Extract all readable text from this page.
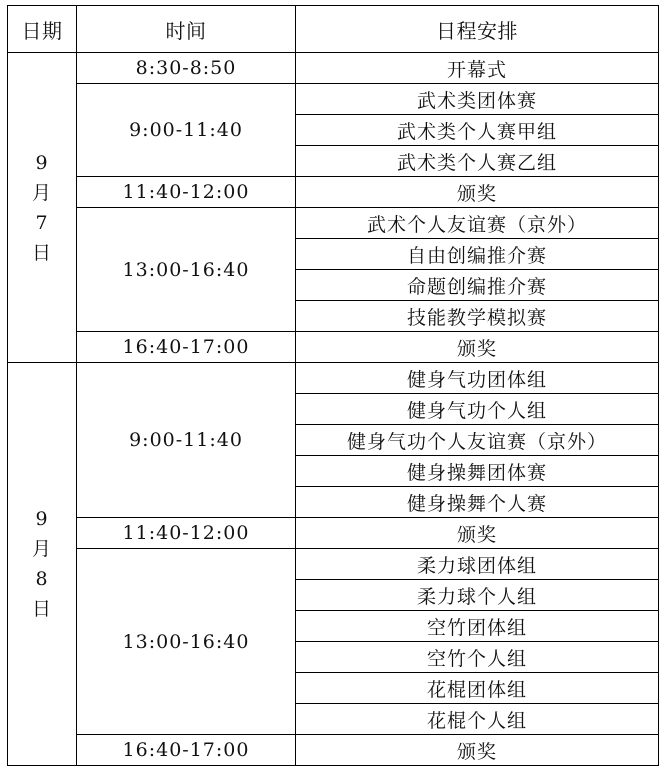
日期	时间	日程安排

9
月
7
日	8:30-8:50	开幕式
	9:00-11:40	武术类团体赛
		武术类个人赛甲组
		武术类个人赛乙组
	11:40-12:00	颁奖
	13:00-16:40	武术个人友谊赛（京外）
		自由创编推介赛
		命题创编推介赛
		技能教学模拟赛
	16:40-17:00	颁奖

9
月
8
日	9:00-11:40	健身气功团体组
		健身气功个人组
		健身气功个人友谊赛（京外）
		健身操舞团体赛
		健身操舞个人赛
	11:40-12:00	颁奖
	13:00-16:40	柔力球团体组
		柔力球个人组
		空竹团体组
		空竹个人组
		花棍团体组
		花棍个人组
	16:40-17:00	颁奖
